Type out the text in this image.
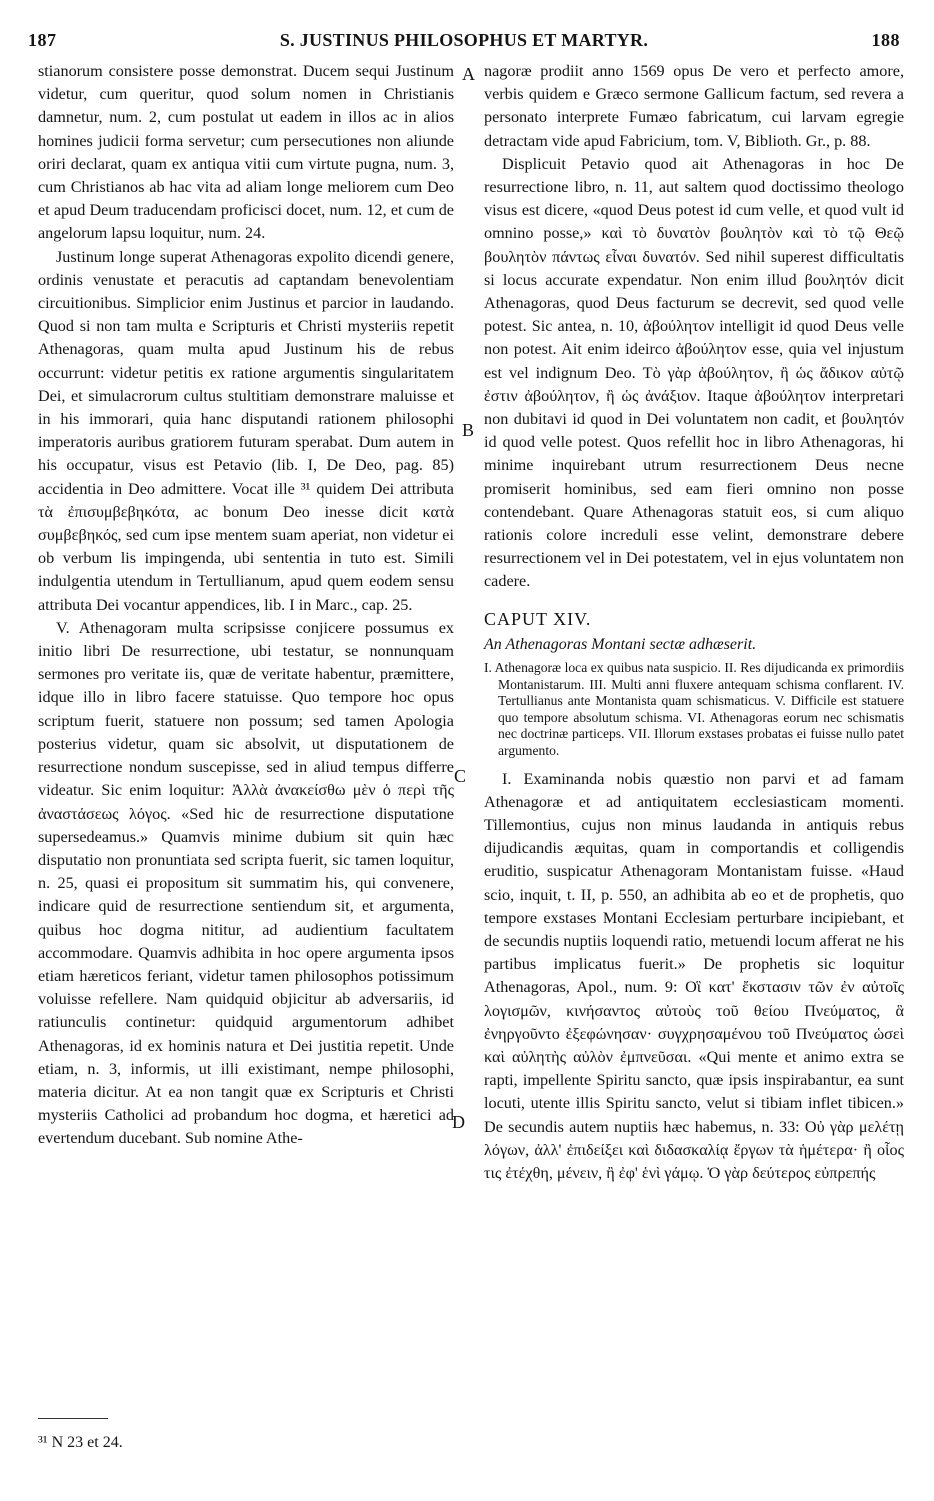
187	S. JUSTINUS PHILOSOPHUS ET MARTYR.	188

stianorum consistere posse demonstrat. Ducem sequi Justinum videtur, cum queritur, quod solum nomen in Christianis damnetur, num. 2, cum postulat ut eadem in illos ac in alios homines judicii forma servetur; cum persecutiones non aliunde oriri declarat, quam ex antiqua vitii cum virtute pugna, num. 3, cum Christianos ab hac vita ad aliam longe meliorem cum Deo et apud Deum traducendam proficisci docet, num. 12, et cum de angelorum lapsu loquitur, num. 24.

Justinum longe superat Athenagoras expolito dicendi genere, ordinis venustate et peracutis ad captandam benevolentiam circuitionibus. Simplicior enim Justinus et parcior in laudando. Quod si non tam multa e Scripturis et Christi mysteriis repetit Athenagoras, quam multa apud Justinum his de rebus occurrunt: videtur petitis ex ratione argumentis singularitatem Dei, et simulacrorum cultus stultitiam demonstrare maluisse et in his immorari, quia hanc disputandi rationem philosophi imperatoris auribus gratiorem futuram sperabat. Dum autem in his occupatur, visus est Petavio (lib. I, De Deo, pag. 85) accidentia in Deo admittere. Vocat ille ³¹ quidem Dei attributa τὰ ἐπισυμβεβηκότα, ac bonum Deo inesse dicit κατὰ συμβεβηκός, sed cum ipse mentem suam aperiat, non videtur ei ob verbum lis impingenda, ubi sententia in tuto est. Simili indulgentia utendum in Tertullianum, apud quem eodem sensu attributa Dei vocantur appendices, lib. I in Marc., cap. 25.

V. Athenagoram multa scripsisse conjicere possumus ex initio libri De resurrectione, ubi testatur, se nonnunquam sermones pro veritate iis, quæ de veritate habentur, præmittere, idque illo in libro facere statuisse. Quo tempore hoc opus scriptum fuerit, statuere non possum; sed tamen Apologia posterius videtur, quam sic absolvit, ut disputationem de resurrectione nondum suscepisse, sed in aliud tempus differre videatur. Sic enim loquitur: Ἀλλὰ ἀνακείσθω μὲν ὁ περὶ τῆς ἀναστάσεως λόγος. «Sed hic de resurrectione disputatione supersedeamus.» Quamvis minime dubium sit quin hæc disputatio non pronuntiata sed scripta fuerit, sic tamen loquitur, n. 25, quasi ei propositum sit summatim his, qui convenere, indicare quid de resurrectione sentiendum sit, et argumenta, quibus hoc dogma nititur, ad audientium facultatem accommodare. Quamvis adhibita in hoc opere argumenta ipsos etiam hæreticos feriant, videtur tamen philosophos potissimum voluisse refellere. Nam quidquid objicitur ab adversariis, id ratiunculis continetur: quidquid argumentorum adhibet Athenagoras, id ex hominis natura et Dei justitia repetit. Unde etiam, n. 3, informis, ut illi existimant, nempe philosophi, materia dicitur. At ea non tangit quæ ex Scripturis et Christi mysteriis Catholici ad probandum hoc dogma, et hæretici ad evertendum ducebant. Sub nomine Athe-

A
B
C
D

nagoræ prodiit anno 1569 opus De vero et perfecto amore, verbis quidem e Græco sermone Gallicum factum, sed revera a personato interprete Fumæo fabricatum, cui larvam egregie detractam vide apud Fabricium, tom. V, Biblioth. Gr., p. 88.

Displicuit Petavio quod ait Athenagoras in hoc De resurrectione libro, n. 11, aut saltem quod doctissimo theologo visus est dicere, «quod Deus potest id cum velle, et quod vult id omnino posse,» καὶ τὸ δυνατὸν βουλητὸν καὶ τὸ τῷ Θεῷ βουλητὸν πάντως εἶναι δυνατόν. Sed nihil superest difficultatis si locus accurate expendatur. Non enim illud βουλητόν dicit Athenagoras, quod Deus facturum se decrevit, sed quod velle potest. Sic antea, n. 10, ἀβούλητον intelligit id quod Deus velle non potest. Ait enim ideirco ἀβούλητον esse, quia vel injustum est vel indignum Deo. Τὸ γὰρ ἀβούλητον, ἢ ὡς ἄδικον αὐτῷ ἐστιν ἀβούλητον, ἢ ὡς ἀνάξιον. Itaque ἀβούλητον interpretari non dubitavi id quod in Dei voluntatem non cadit, et βουλητόν id quod velle potest. Quos refellit hoc in libro Athenagoras, hi minime inquirebant utrum resurrectionem Deus necne promiserit hominibus, sed eam fieri omnino non posse contendebant. Quare Athenagoras statuit eos, si cum aliquo rationis colore increduli esse velint, demonstrare debere resurrectionem vel in Dei potestatem, vel in ejus voluntatem non cadere.

CAPUT XIV.

An Athenagoras Montani sectæ adhæserit.

I. Athenagoræ loca ex quibus nata suspicio. II. Res dijudicanda ex primordiis Montanistarum. III. Multi anni fluxere antequam schisma conflarent. IV. Tertullianus ante Montanista quam schismaticus. V. Difficile est statuere quo tempore absolutum schisma. VI. Athenagoras eorum nec schismatis nec doctrinæ particeps. VII. Illorum exstases probatas ei fuisse nullo patet argumento.

I. Examinanda nobis quæstio non parvi et ad famam Athenagoræ et ad antiquitatem ecclesiasticam momenti. Tillemontius, cujus non minus laudanda in antiquis rebus dijudicandis æquitas, quam in comportandis et colligendis eruditio, suspicatur Athenagoram Montanistam fuisse. «Haud scio, inquit, t. II, p. 550, an adhibita ab eo et de prophetis, quo tempore exstases Montani Ecclesiam perturbare incipiebant, et de secundis nuptiis loquendi ratio, metuendi locum afferat ne his partibus implicatus fuerit.» De prophetis sic loquitur Athenagoras, Apol., num. 9: Οἳ κατ' ἔκστασιν τῶν ἐν αὐτοῖς λογισμῶν, κινήσαντος αὐτοὺς τοῦ θείου Πνεύματος, ἃ ἐνηργοῦντο ἐξεφώνησαν· συγχρησαμένου τοῦ Πνεύματος ὡσεὶ καὶ αὐλητὴς αὐλὸν ἐμπνεῦσαι. «Qui mente et animo extra se rapti, impellente Spiritu sancto, quæ ipsis inspirabantur, ea sunt locuti, utente illis Spiritu sancto, velut si tibiam inflet tibicen.» De secundis autem nuptiis hæc habemus, n. 33: Οὐ γὰρ μελέτῃ λόγων, ἀλλ' ἐπιδείξει καὶ διδασκαλίᾳ ἔργων τὰ ἡμέτερα· ἢ οἷος τις ἐτέχθη, μένειν, ἢ ἐφ' ἑνὶ γάμῳ. Ὁ γὰρ δεύτερος εὐπρεπής

³¹ N 23 et 24.
